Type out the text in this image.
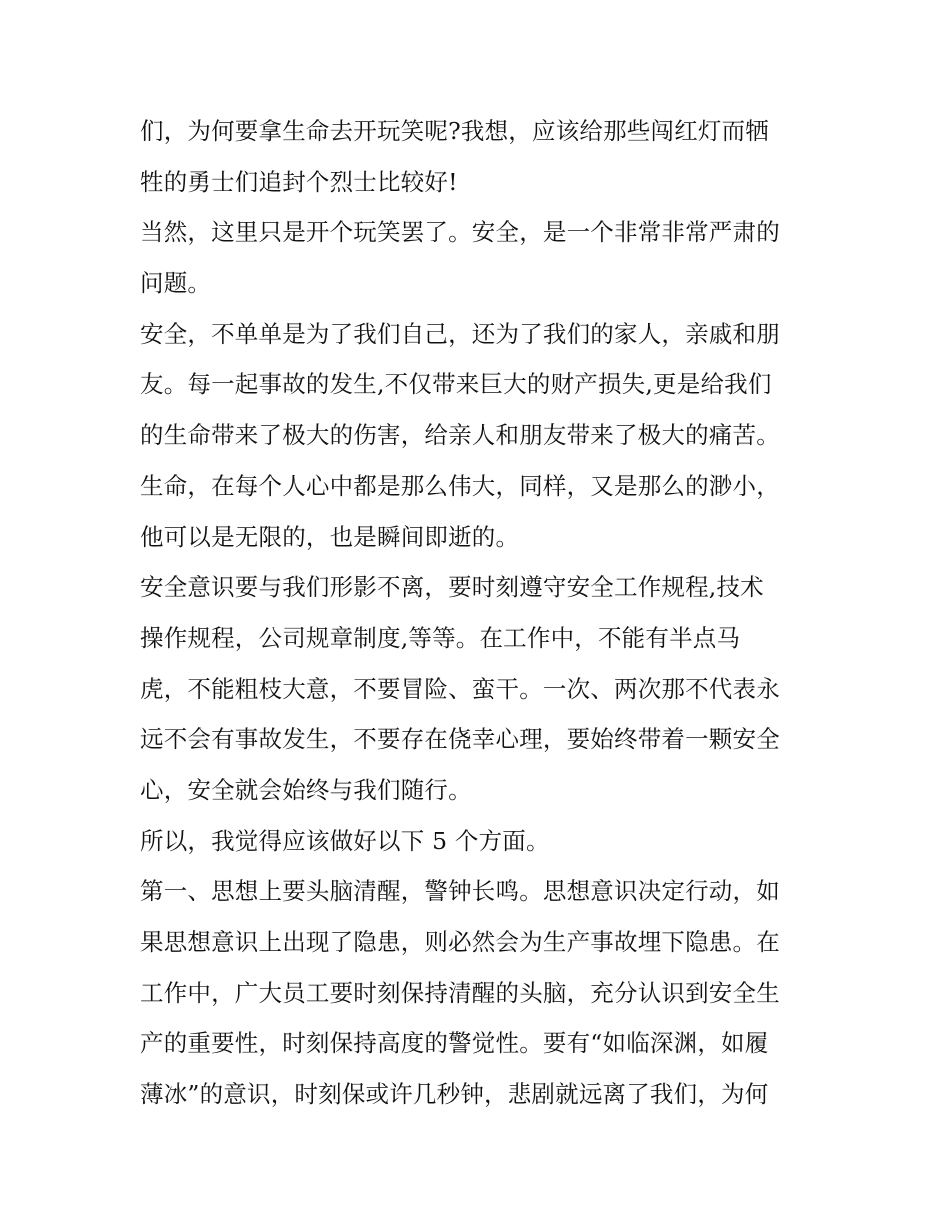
们，为何要拿生命去开玩笑呢?我想，应该给那些闯红灯而牺
牲的勇士们追封个烈士比较好!
当然，这里只是开个玩笑罢了。安全，是一个非常非常严肃的
问题。
安全，不单单是为了我们自己，还为了我们的家人，亲戚和朋
友。每一起事故的发生,不仅带来巨大的财产损失,更是给我们
的生命带来了极大的伤害，给亲人和朋友带来了极大的痛苦。
生命，在每个人心中都是那么伟大，同样，又是那么的渺小，
他可以是无限的，也是瞬间即逝的。
安全意识要与我们形影不离，要时刻遵守安全工作规程,技术
操作规程，公司规章制度,等等。在工作中，不能有半点马
虎，不能粗枝大意，不要冒险、蛮干。一次、两次那不代表永
远不会有事故发生，不要存在侥幸心理，要始终带着一颗安全
心，安全就会始终与我们随行。
所以，我觉得应该做好以下 5 个方面。
第一、思想上要头脑清醒，警钟长鸣。思想意识决定行动，如
果思想意识上出现了隐患，则必然会为生产事故埋下隐患。在
工作中，广大员工要时刻保持清醒的头脑，充分认识到安全生
产的重要性，时刻保持高度的警觉性。要有“如临深渊，如履
薄冰”的意识，时刻保或许几秒钟，悲剧就远离了我们，为何
